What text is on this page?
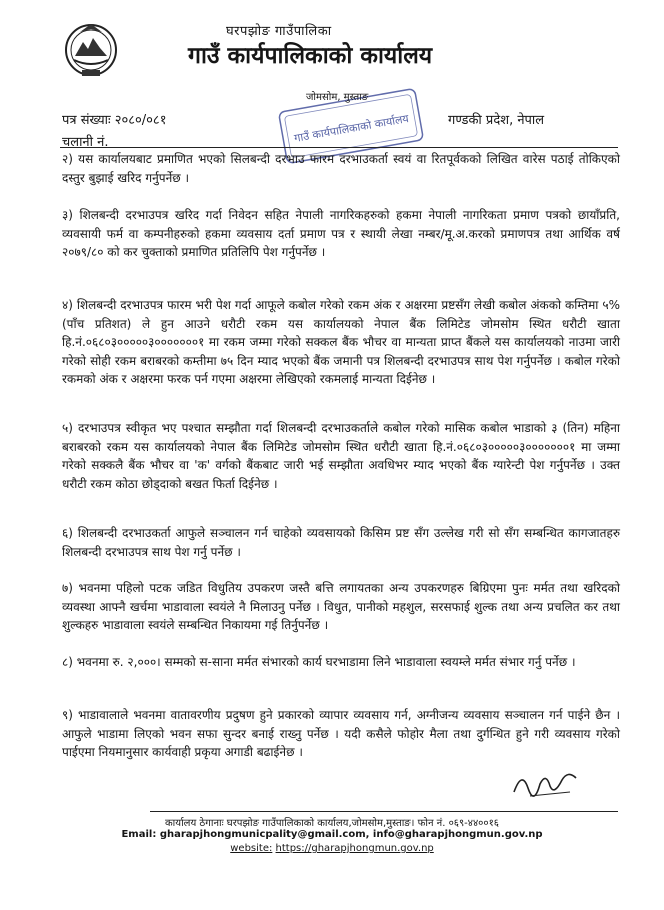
घरपझोङ गाउँपालिका
गाउँ कार्यपालिकाको कार्यालय
गाउँ कार्यपालिकाको कार्यालय
जोमसोम, मुस्ताङ
पत्र संख्याः २०८०/०८१	गण्डकी प्रदेश, नेपाल
चलानी नं.

२) यस कार्यालयबाट प्रमाणित भएको सिलबन्दी दरभाउ फारम दरभाउकर्ता स्वयं वा रितपूर्वकको लिखित वारेस पठाई तोकिएको दस्तुर बुझाई खरिद गर्नुपर्नेछ ।

३) शिलबन्दी दरभाउपत्र खरिद गर्दा निवेदन सहित नेपाली नागरिकहरुको हकमा नेपाली नागरिकता प्रमाण पत्रको छायाँप्रति, व्यवसायी फर्म वा कम्पनीहरुको हकमा व्यवसाय दर्ता प्रमाण पत्र र स्थायी लेखा नम्बर/मू.अ.करको प्रमाणपत्र तथा आर्थिक वर्ष २०७९/८० को कर चुक्ताको प्रमाणित प्रतिलिपि पेश गर्नुपर्नेछ ।

४) शिलबन्दी दरभाउपत्र फारम भरी पेश गर्दा आफूले कबोल गरेको रकम अंक र अक्षरमा प्रष्टसँग लेखी कबोल अंकको कम्तिमा ५% (पाँच प्रतिशत) ले हुन आउने धरौटी रकम यस कार्यालयको नेपाल बैंक लिमिटेड जोमसोम स्थित धरौटी खाता हि.नं.०६८०३०००००३०००००००१ मा रकम जम्मा गरेको सक्कल बैंक भौचर वा मान्यता प्राप्त बैंकले यस कार्यालयको नाउमा जारी गरेको सोही रकम बराबरको कम्तीमा ७५ दिन म्याद भएको बैंक जमानी पत्र शिलबन्दी दरभाउपत्र साथ पेश गर्नुपर्नेछ । कबोल गरेको रकमको अंक र अक्षरमा फरक पर्न गएमा अक्षरमा लेखिएको रकमलाई मान्यता दिईनेछ ।

५) दरभाउपत्र स्वीकृत भए पश्चात सम्झौता गर्दा शिलबन्दी दरभाउकर्ताले कबोल गरेको मासिक कबोल भाडाको ३ (तिन) महिना बराबरको रकम यस कार्यालयको नेपाल बैंक लिमिटेड जोमसोम स्थित धरौटी खाता हि.नं.०६८०३०००००३०००००००१ मा जम्मा गरेको सक्कलै बैंक भौचर वा 'क' वर्गको बैंकबाट जारी भई सम्झौता अवधिभर म्याद भएको बैंक ग्यारेन्टी पेश गर्नुपर्नेछ । उक्त धरौटी रकम कोठा छोड्दाको बखत फिर्ता दिईनेछ ।

६) शिलबन्दी दरभाउकर्ता आफुले सञ्चालन गर्न चाहेको व्यवसायको किसिम प्रष्ट सँग उल्लेख गरी सो सँग सम्बन्धित कागजातहरु शिलबन्दी दरभाउपत्र साथ पेश गर्नु पर्नेछ ।

७) भवनमा पहिलो पटक जडित विधुतिय उपकरण जस्तै बत्ति लगायतका अन्य उपकरणहरु बिग्रिएमा पुनः मर्मत तथा खरिदको व्यवस्था आफ्नै खर्चमा भाडावाला स्वयंले नै मिलाउनु पर्नेछ । विधुत, पानीको महशुल, सरसफाई शुल्क तथा अन्य प्रचलित कर तथा शुल्कहरु भाडावाला स्वयंले सम्बन्धित निकायमा गई तिर्नुपर्नेछ ।

८) भवनमा रु. २,०००। सम्मको स-साना मर्मत संभारको कार्य घरभाडामा लिने भाडावाला स्वयम्ले मर्मत संभार गर्नु पर्नेछ ।

९) भाडावालाले भवनमा वातावरणीय प्रदुषण हुने प्रकारको व्यापार व्यवसाय गर्न, अग्नीजन्य व्यवसाय सञ्चालन गर्न पाईने छैन । आफुले भाडामा लिएको भवन सफा सुन्दर बनाई राख्नु पर्नेछ । यदी कसैले फोहोर मैला तथा दुर्गन्धित हुने गरी व्यवसाय गरेको पाईएमा नियमानुसार कार्यवाही प्रकृया अगाडी बढाईनेछ ।

कार्यालय ठेगानाः घरपझोङ गाउँपालिकाको कार्यालय,जोमसोम,मुस्ताङ। फोन नं. ०६९-४४००१६
Email: gharapjhongmunicpality@gmail.com, info@gharapjhongmun.gov.np
website: https://gharapjhongmun.gov.np
